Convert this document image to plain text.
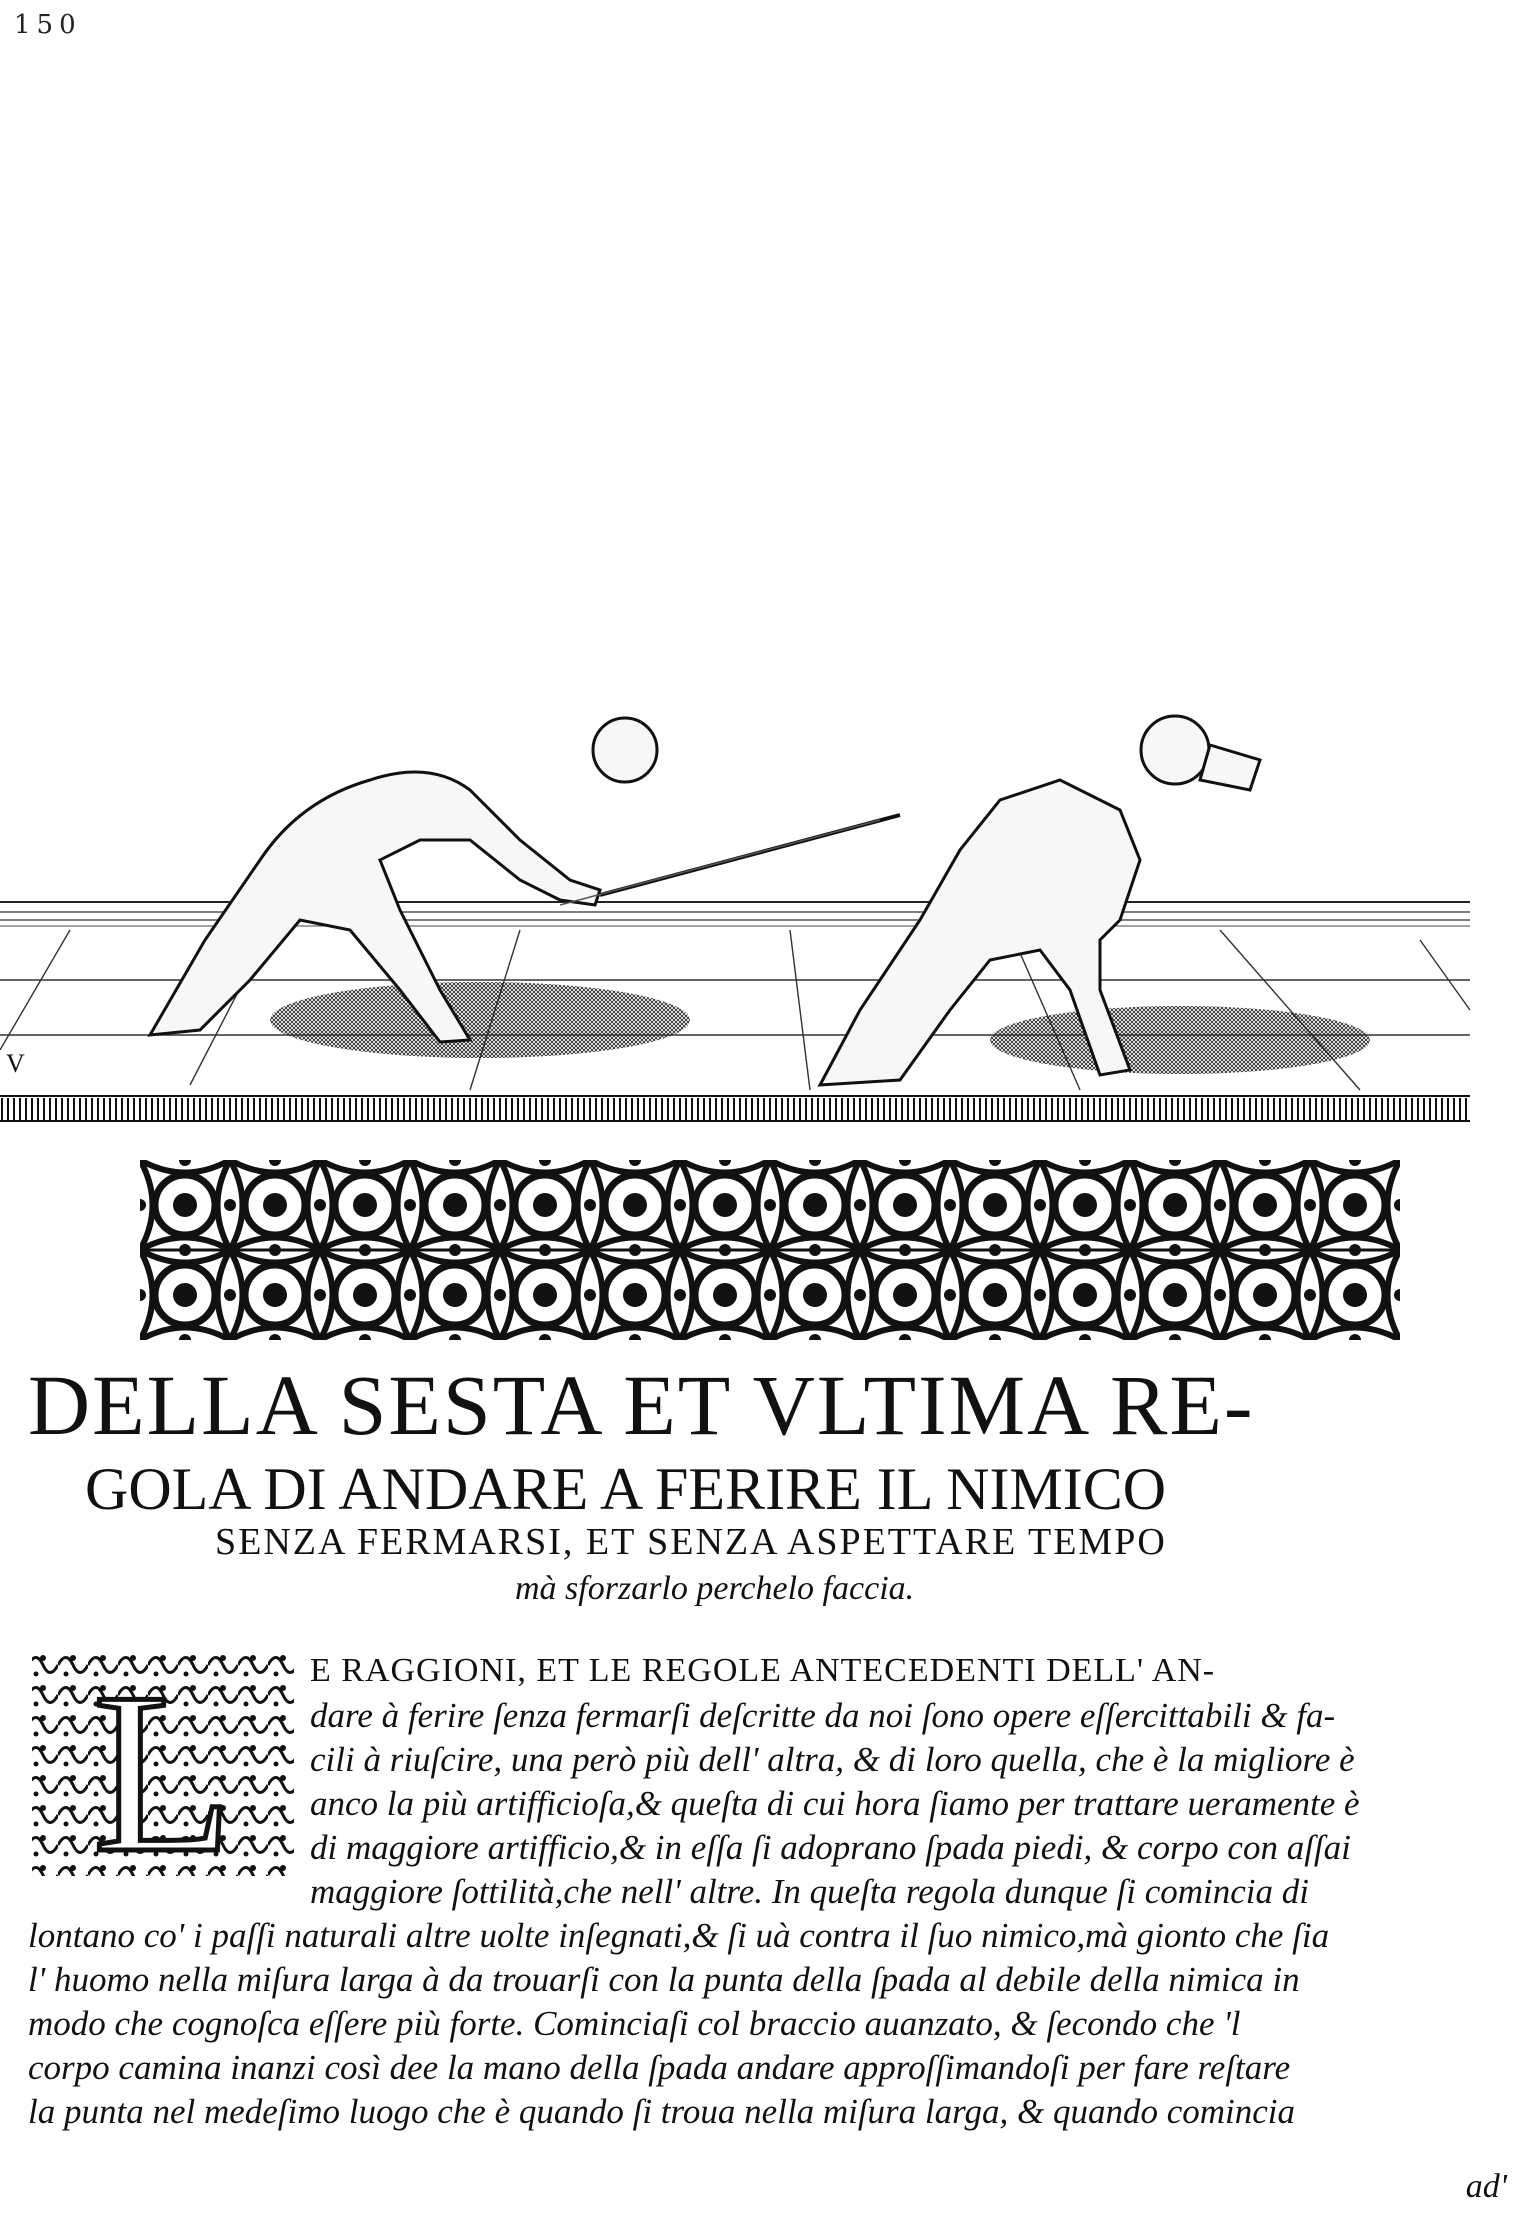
150
V
DELLA SESTA ET VLTIMA RE-
GOLA DI ANDARE A FERIRE IL NIMICO
SENZA FERMARSI, ET SENZA ASPETTARE TEMPO
mà sforzarlo perchelo faccia.
L E RAGGIONI, ET LE REGOLE ANTECEDENTI DELL' AN-
dare à ferire ſenza fermarſi deſcritte da noi ſono opere eſſercittabili & fa-
cili à riuſcire, una però più dell' altra, & di loro quella, che è la migliore è
anco la più artifficioſa,& queſta di cui hora ſiamo per trattare ueramente è
di maggiore artifficio,& in eſſa ſi adoprano ſpada piedi, & corpo con aſſai
maggiore ſottilità,che nell' altre. In queſta regola dunque ſi comincia di
lontano co' i paſſi naturali altre uolte inſegnati,& ſi uà contra il ſuo nimico,mà gionto che ſia
l' huomo nella miſura larga à da trouarſi con la punta della ſpada al debile della nimica in
modo che cognoſca eſſere più forte. Cominciaſi col braccio auanzato, & ſecondo che 'l
corpo camina inanzi così dee la mano della ſpada andare approſſimandoſi per fare reſtare
la punta nel medeſimo luogo che è quando ſi troua nella miſura larga, & quando comincia
ad'
